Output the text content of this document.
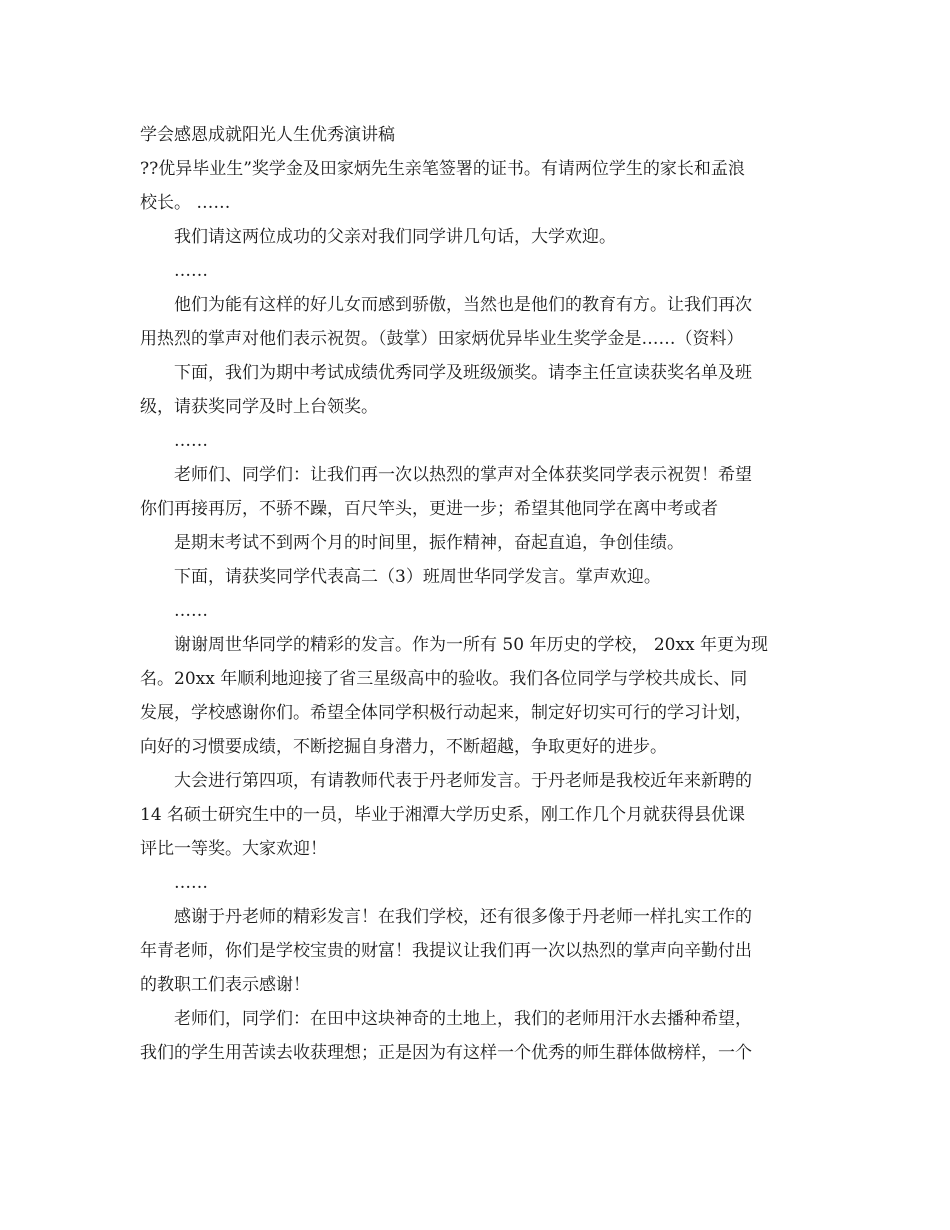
学会感恩成就阳光人生优秀演讲稿
??优异毕业生”奖学金及田家炳先生亲笔签署的证书。有请两位学生的家长和孟浪
校长。 ……
我们请这两位成功的父亲对我们同学讲几句话，大学欢迎。
……
他们为能有这样的好儿女而感到骄傲，当然也是他们的教育有方。让我们再次
用热烈的掌声对他们表示祝贺。（鼓掌）田家炳优异毕业生奖学金是……（资料）
下面，我们为期中考试成绩优秀同学及班级颁奖。请李主任宣读获奖名单及班
级，请获奖同学及时上台领奖。
……
老师们、同学们：让我们再一次以热烈的掌声对全体获奖同学表示祝贺！希望
你们再接再厉，不骄不躁，百尺竿头，更进一步；希望其他同学在离中考或者
是期末考试不到两个月的时间里，振作精神，奋起直追，争创佳绩。
下面，请获奖同学代表高二（3）班周世华同学发言。掌声欢迎。
……
谢谢周世华同学的精彩的发言。作为一所有 50 年历史的学校， 20xx 年更为现
名。20xx 年顺利地迎接了省三星级高中的验收。我们各位同学与学校共成长、同
发展，学校感谢你们。希望全体同学积极行动起来，制定好切实可行的学习计划，
向好的习惯要成绩，不断挖掘自身潜力，不断超越，争取更好的进步。
大会进行第四项，有请教师代表于丹老师发言。于丹老师是我校近年来新聘的
14 名硕士研究生中的一员，毕业于湘潭大学历史系，刚工作几个月就获得县优课
评比一等奖。大家欢迎！
……
感谢于丹老师的精彩发言！在我们学校，还有很多像于丹老师一样扎实工作的
年青老师，你们是学校宝贵的财富！我提议让我们再一次以热烈的掌声向辛勤付出
的教职工们表示感谢！
老师们，同学们：在田中这块神奇的土地上，我们的老师用汗水去播种希望，
我们的学生用苦读去收获理想；正是因为有这样一个优秀的师生群体做榜样，一个
